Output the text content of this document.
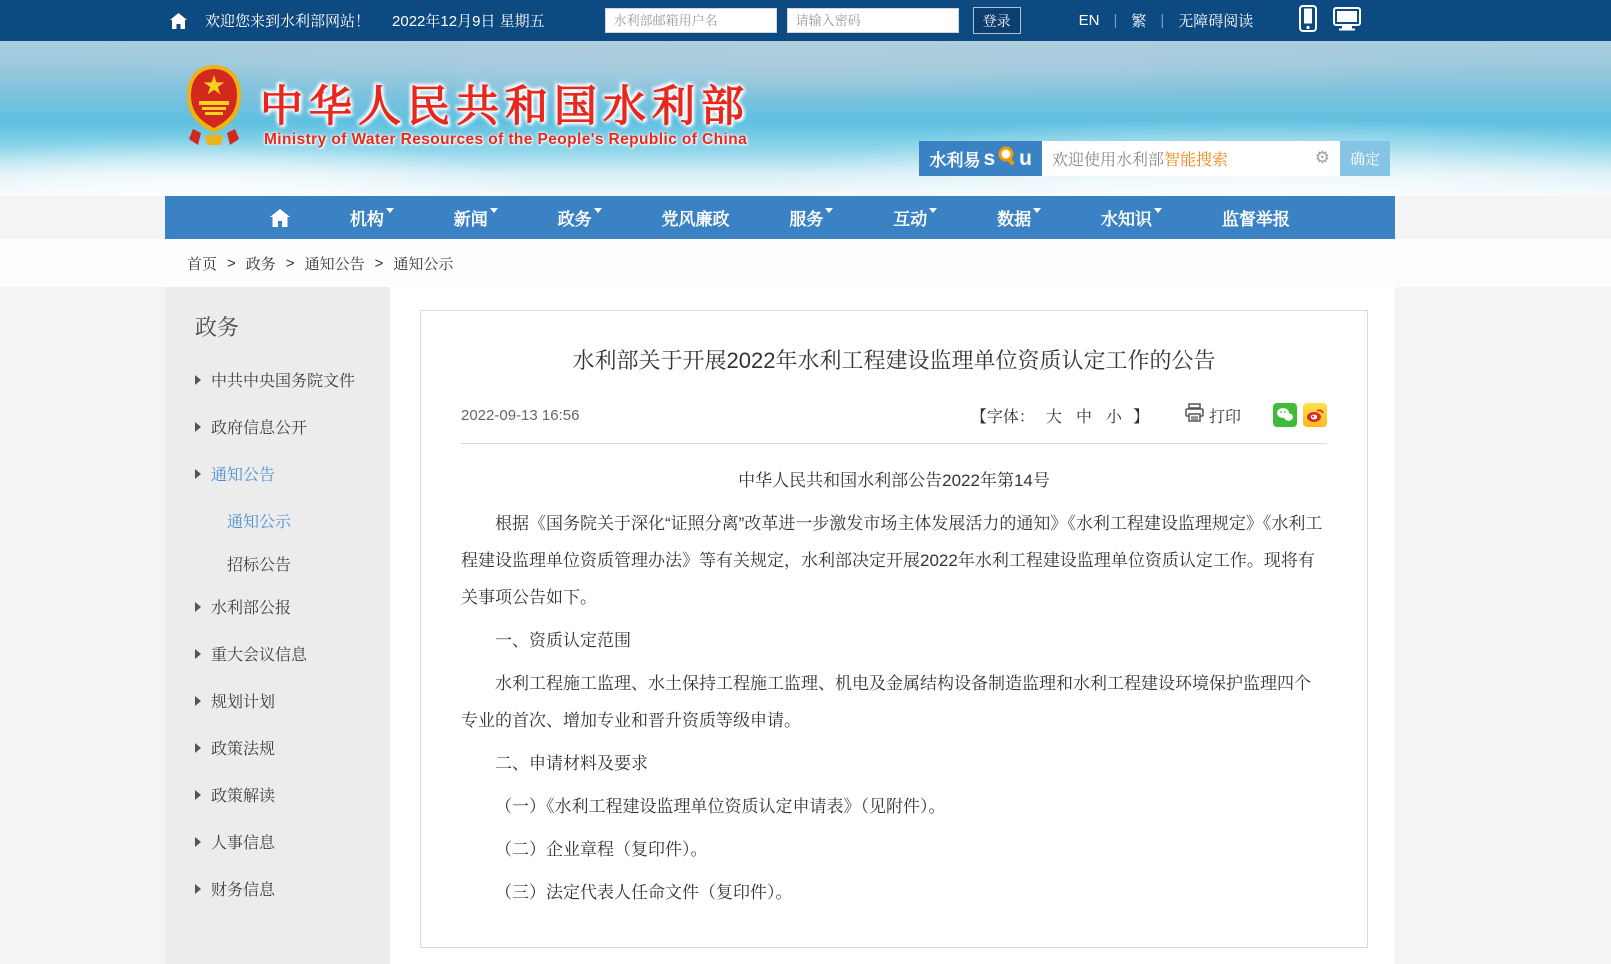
欢迎您来到水利部网站！ 2022年12月9日 星期五
水利部邮箱用户名	登录	EN | 繁 | 无障碍阅读
中华人民共和国水利部
Ministry of Water Resources of the People's Republic of China
水利易 s u 欢迎使用水利部 智能搜索	⚙	确定
机构	新闻	政务	党风廉政	服务	互动	数据	水知识	监督举报
首页 > 政务 > 通知公告 > 通知公示
政务
中共中央国务院文件
政府信息公开
通知公告
通知公示
招标公告
水利部公报
重大会议信息
规划计划
政策法规
政策解读
人事信息
财务信息
水利部关于开展2022年水利工程建设监理单位资质认定工作的公告
2022-09-13 16:56	【字体： 大 中 小 】	打印

中华人民共和国水利部公告2022年第14号

根据《国务院关于深化“证照分离”改革进一步激发市场主体发展活力的通知》《水利工程建设监理规定》《水利工程建设监理单位资质管理办法》等有关规定，水利部决定开展2022年水利工程建设监理单位资质认定工作。现将有关事项公告如下。

一、资质认定范围

水利工程施工监理、水土保持工程施工监理、机电及金属结构设备制造监理和水利工程建设环境保护监理四个专业的首次、增加专业和晋升资质等级申请。

二、申请材料及要求

（一）《水利工程建设监理单位资质认定申请表》（见附件）。

（二）企业章程（复印件）。

（三）法定代表人任命文件（复印件）。
